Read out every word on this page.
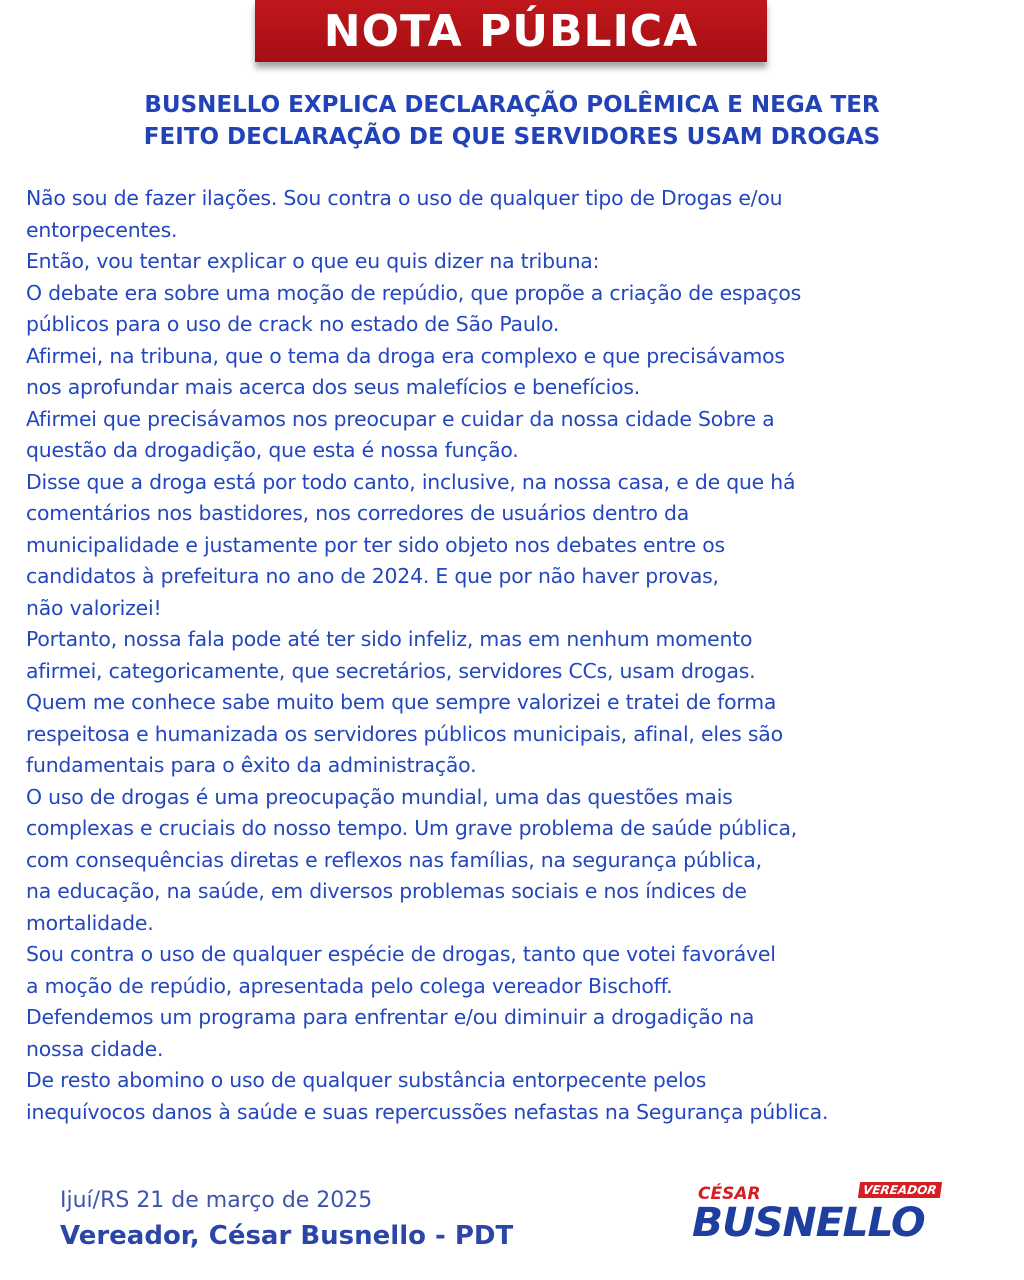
NOTA PÚBLICA
BUSNELLO EXPLICA DECLARAÇÃO POLÊMICA E NEGA TER
FEITO DECLARAÇÃO DE QUE SERVIDORES USAM DROGAS
Não sou de fazer ilações. Sou contra o uso de qualquer tipo de Drogas e/ou
entorpecentes.
Então, vou tentar explicar o que eu quis dizer na tribuna:
O debate era sobre uma moção de repúdio, que propõe a criação de espaços
públicos para o uso de crack no estado de São Paulo.
Afirmei, na tribuna, que o tema da droga era complexo e que precisávamos
nos aprofundar mais acerca dos seus malefícios e benefícios.
Afirmei que precisávamos nos preocupar e cuidar da nossa cidade Sobre a
questão da drogadição, que esta é nossa função.
Disse que a droga está por todo canto, inclusive, na nossa casa, e de que há
comentários nos bastidores, nos corredores de usuários dentro da
municipalidade e justamente por ter sido objeto nos debates entre os
candidatos à prefeitura no ano de 2024. E que por não haver provas,
não valorizei!
Portanto, nossa fala pode até ter sido infeliz, mas em nenhum momento
afirmei, categoricamente, que secretários, servidores CCs, usam drogas.
Quem me conhece sabe muito bem que sempre valorizei e tratei de forma
respeitosa e humanizada os servidores públicos municipais, afinal, eles são
fundamentais para o êxito da administração.
O uso de drogas é uma preocupação mundial, uma das questões mais
complexas e cruciais do nosso tempo. Um grave problema de saúde pública,
com consequências diretas e reflexos nas famílias, na segurança pública,
na educação, na saúde, em diversos problemas sociais e nos índices de
mortalidade.
Sou contra o uso de qualquer espécie de drogas, tanto que votei favorável
a moção de repúdio, apresentada pelo colega vereador Bischoff.
Defendemos um programa para enfrentar e/ou diminuir a drogadição na
nossa cidade.
De resto abomino o uso de qualquer substância entorpecente pelos
inequívocos danos à saúde e suas repercussões nefastas na Segurança pública.
Ijuí/RS 21 de março de 2025
Vereador, César Busnello - PDT
CÉSAR	VEREADOR
BUSNELLO
